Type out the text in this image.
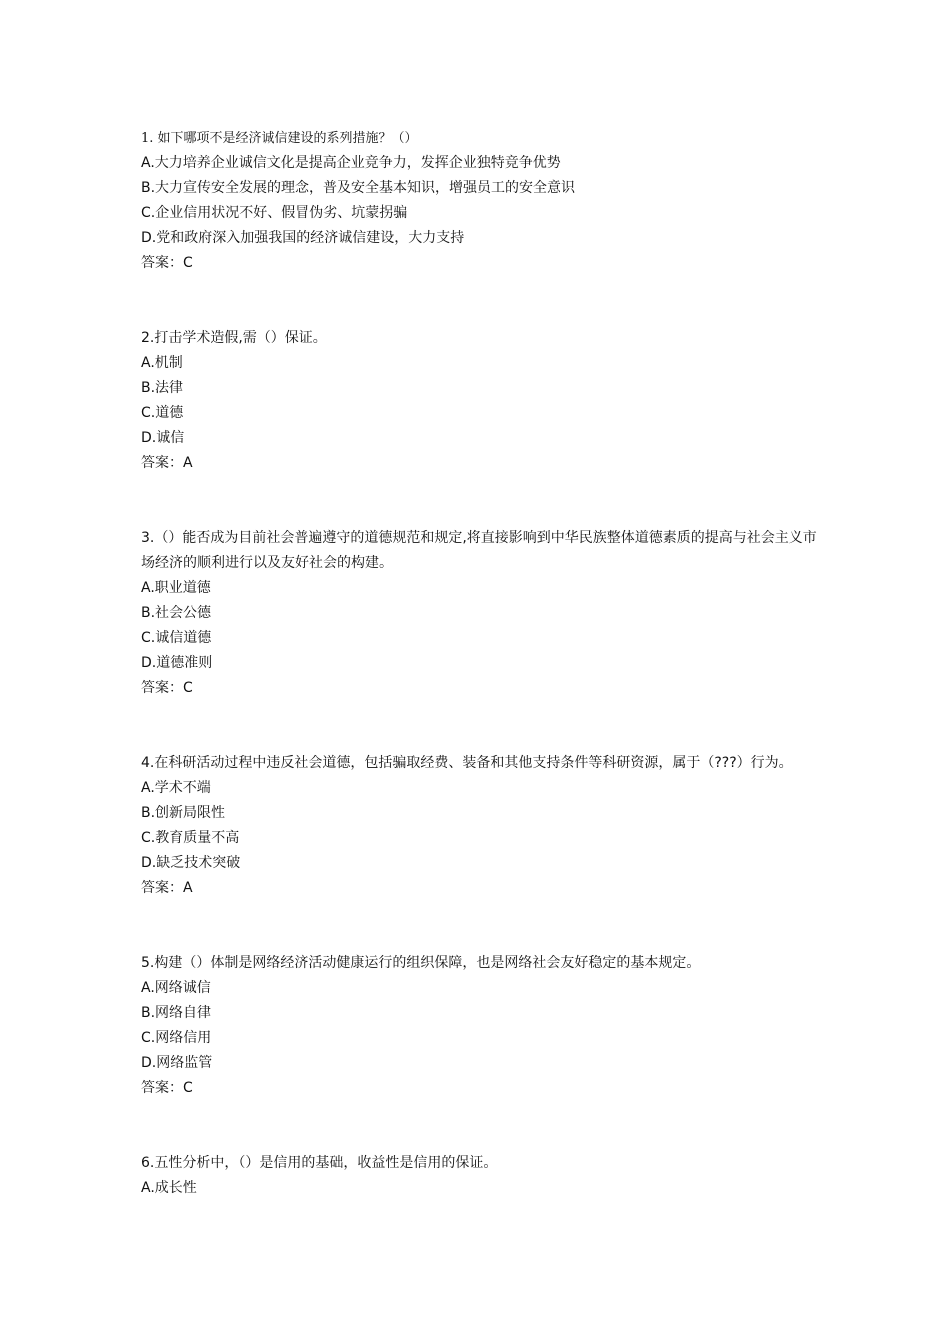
1. 如下哪项不是经济诚信建设的系列措施？（）
A.大力培养企业诚信文化是提高企业竞争力，发挥企业独特竞争优势
B.大力宣传安全发展的理念，普及安全基本知识，增强员工的安全意识
C.企业信用状况不好、假冒伪劣、坑蒙拐骗
D.党和政府深入加强我国的经济诚信建设，大力支持
答案：C
2.打击学术造假,需（）保证。
A.机制
B.法律
C.道德
D.诚信
答案：A
3.（）能否成为目前社会普遍遵守的道德规范和规定,将直接影响到中华民族整体道德素质的提高与社会主义市场经济的顺利进行以及友好社会的构建。
A.职业道德
B.社会公德
C.诚信道德
D.道德准则
答案：C
4.在科研活动过程中违反社会道德，包括骗取经费、装备和其他支持条件等科研资源，属于（???）行为。
A.学术不端
B.创新局限性
C.教育质量不高
D.缺乏技术突破
答案：A
5.构建（）体制是网络经济活动健康运行的组织保障，也是网络社会友好稳定的基本规定。
A.网络诚信
B.网络自律
C.网络信用
D.网络监管
答案：C
6.五性分析中，（）是信用的基础，收益性是信用的保证。
A.成长性
